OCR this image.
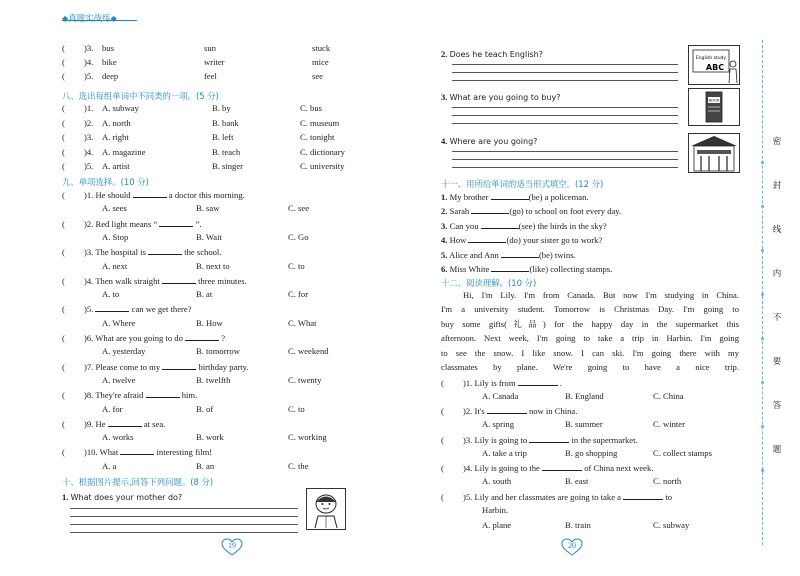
◆真题实战练◆
( )3. bus	sun	stuck
( )4. bike	writer	mice
( )5. deep	feel	see
八、选出每组单词中不同类的一项。(5 分)
( )1. A. subway	B. by	C. bus
( )2. A. north	B. bank	C. museum
( )3. A. right	B. left	C. tonight
( )4. A. magazine	B. teach	C. dictionary
( )5. A. artist	B. singer	C. university
九、单项选择。(10 分)
( )1. He should	a doctor this morning.
A. sees	B. saw	C. see
( )2. Red light means “	”.
A. Stop	B. Wait	C. Go
( )3. The hospital is	the school.
A. next	B. next to	C. to
( )4. Then walk straight	three minutes.
A. to	B. at	C. for
( )5.	can we get there?
A. Where	B. How	C. What
( )6. What are you going to do	?
A. yesterday	B. tomorrow	C. weekend
( )7. Please come to my	birthday party.
A. twelve	B. twelfth	C. twenty
( )8. They're afraid	him.
A. for	B. of	C. to
( )9. He	at sea.
A. works	B. work	C. working
( )10. What	interesting film!
A. a	B. an	C. the
十、根据图片提示,回答下列问题。(8 分)
1. What does your mother do?
2. Does he teach English?	English study
ABC
3. What are you going to buy?	BOOK
4. Where are you going?
十一、用所给单词的适当形式填空。(12 分)
1. My brother	(be) a policeman.
2. Sarah	(go) to school on foot every day.
3. Can you	(see) the birds in the sky?
4. How	(do) your sister go to work?
5. Alice and Ann	(be) twins.
6. Miss White	(like) collecting stamps.
十二、阅读理解。(10 分)
Hi, I'm Lily. I'm from Canada. But now I'm studying in China.
I'm a university student. Tomorrow is Christmas Day. I'm going to
buy some gifts(礼品) for the happy day in the supermarket this
afternoon. Next week, I'm going to take a trip in Harbin. I'm going
to see the snow. I like snow. I can ski. I'm going there with my
classmates by plane. We're going to have a nice trip.
( )1. Lily is from	.
A. Canada	B. England	C. China
( )2. It's	now in China.
A. spring	B. summer	C. winter
( )3. Lily is going to	in the supermarket.
A. take a trip	B. go shopping	C. collect stamps
( )4. Lily is going to the	of China next week.
A. south	B. east	C. north
( )5. Lily and her classmates are going to take a	to
Harbin.
A. plane	B. train	C. subway
19	20
密
封
线
内
不
要
答
题
